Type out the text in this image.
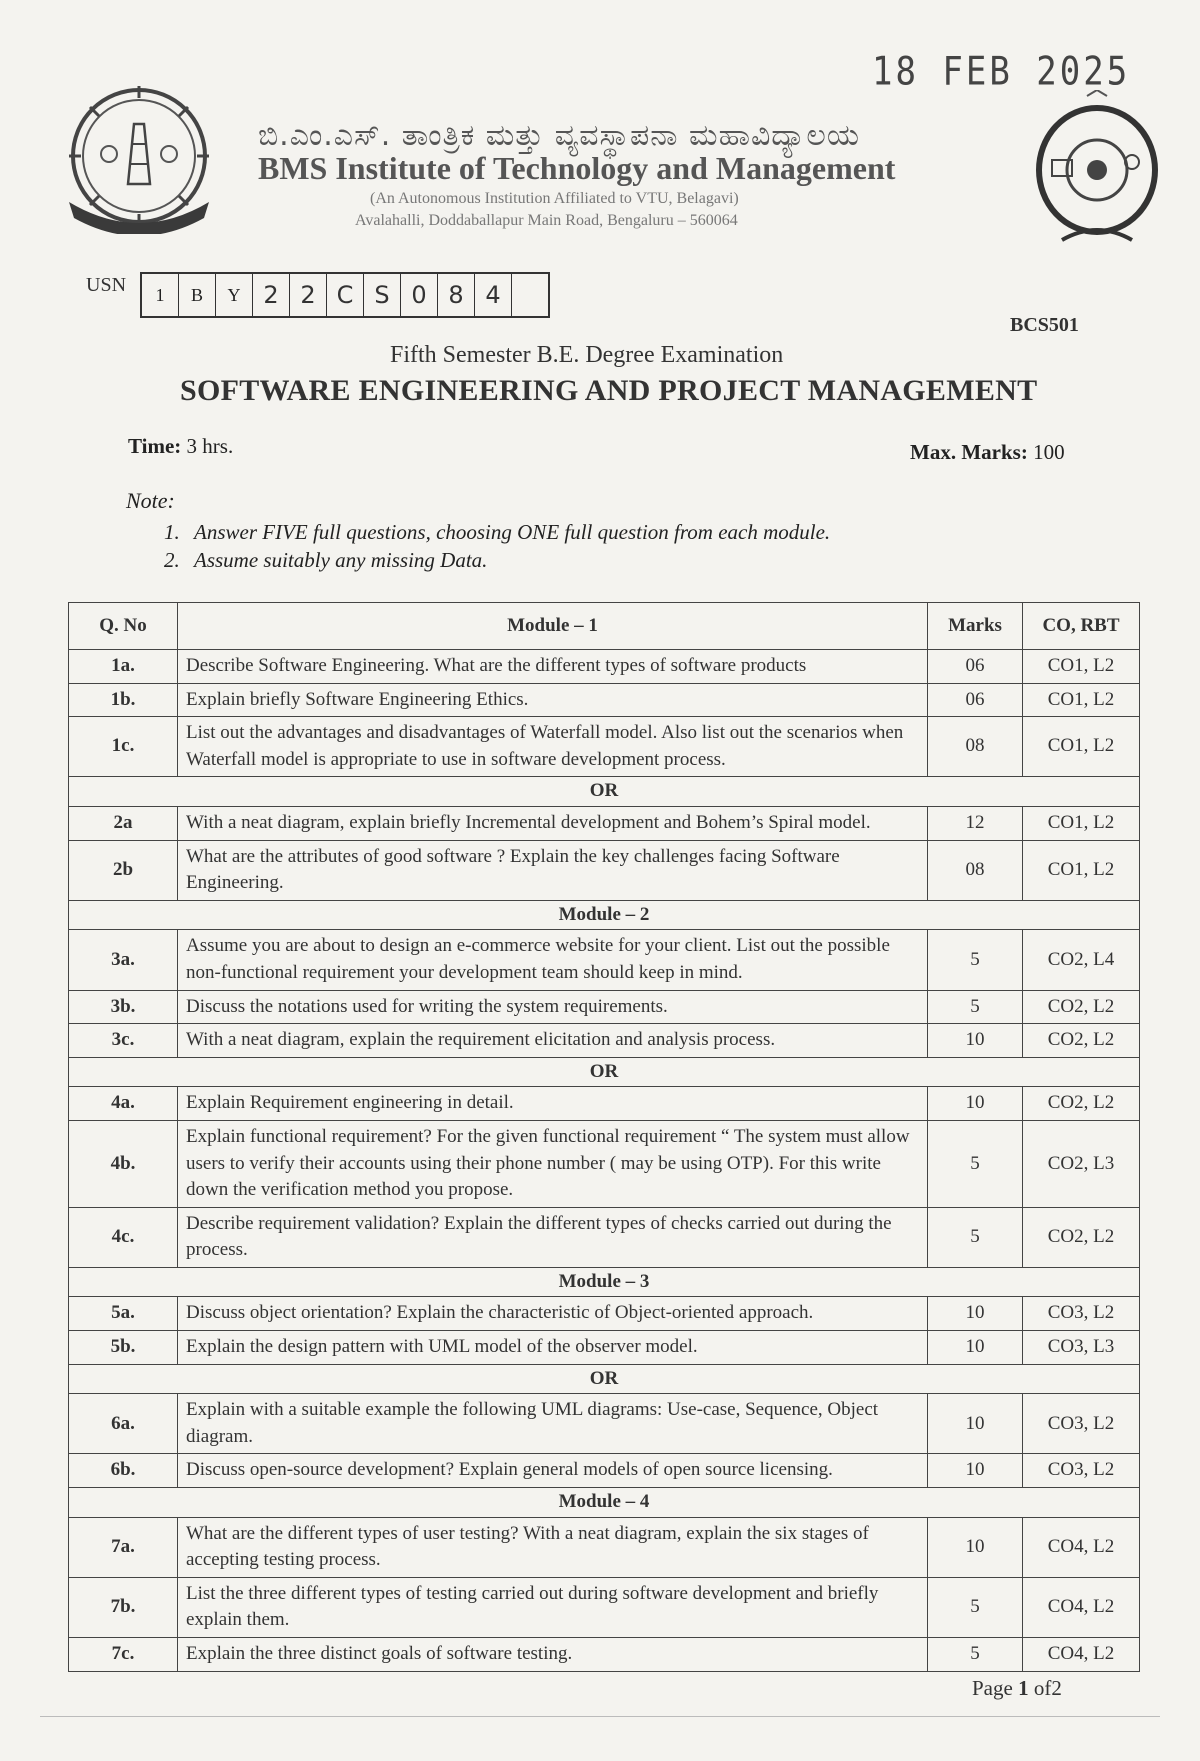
18 FEB 2025
ಬಿ.ಎಂ.ಎಸ್. ತಾಂತ್ರಿಕ ಮತ್ತು ವ್ಯವಸ್ಥಾಪನಾ ಮಹಾವಿದ್ಯಾಲಯ
BMS Institute of Technology and Management
(An Autonomous Institution Affiliated to VTU, Belagavi)
Avalahalli, Doddaballapur Main Road, Bengaluru – 560064
USN	1	B	Y 2 2 C S 0 8 4
BCS501
Fifth Semester B.E. Degree Examination
SOFTWARE ENGINEERING AND PROJECT MANAGEMENT
Time: 3 hrs.	Max. Marks: 100
Note:
1. Answer FIVE full questions, choosing ONE full question from each module.
2. Assume suitably any missing Data.
Q. No	Module – 1	Marks	CO, RBT
1a.	Describe Software Engineering. What are the different types of software products	06	CO1, L2
1b.	Explain briefly Software Engineering Ethics.	06	CO1, L2
1c.	List out the advantages and disadvantages of Waterfall model. Also list out the scenarios when Waterfall model is appropriate to use in software development process.	08	CO1, L2
OR			
2a	With a neat diagram, explain briefly Incremental development and Bohem’s Spiral model.	12	CO1, L2
2b	What are the attributes of good software ? Explain the key challenges facing Software Engineering.	08	CO1, L2
Module – 2			
3a.	Assume you are about to design an e-commerce website for your client. List out the possible non-functional requirement your development team should keep in mind.	5	CO2, L4
3b.	Discuss the notations used for writing the system requirements.	5	CO2, L2
3c.	With a neat diagram, explain the requirement elicitation and analysis process.	10	CO2, L2
OR			
4a.	Explain Requirement engineering in detail.	10	CO2, L2
4b.	Explain functional requirement? For the given functional requirement “ The system must allow users to verify their accounts using their phone number ( may be using OTP). For this write down the verification method you propose.	5	CO2, L3
4c.	Describe requirement validation? Explain the different types of checks carried out during the process.	5	CO2, L2
Module – 3			
5a.	Discuss object orientation? Explain the characteristic of Object-oriented approach.	10	CO3, L2
5b.	Explain the design pattern with UML model of the observer model.	10	CO3, L3
OR			
6a.	Explain with a suitable example the following UML diagrams: Use-case, Sequence, Object diagram.	10	CO3, L2
6b.	Discuss open-source development? Explain general models of open source licensing.	10	CO3, L2
Module – 4			
7a.	What are the different types of user testing? With a neat diagram, explain the six stages of accepting testing process.	10	CO4, L2
7b.	List the three different types of testing carried out during software development and briefly explain them.	5	CO4, L2
7c.	Explain the three distinct goals of software testing.	5	CO4, L2
Page 1 of2
